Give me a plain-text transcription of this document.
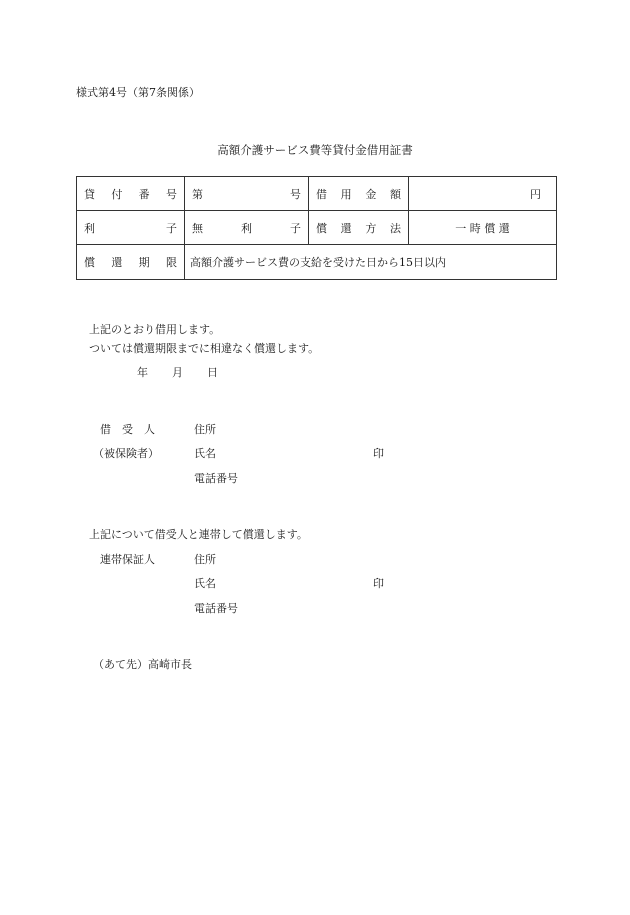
様式第4号（第7条関係）
高額介護サービス費等貸付金借用証書
貸　付　番　号	第 号	借　用　金　額	円

利 子	無 利 子	償　還　方　法	一 時 償 還

償　還　期　限	高額介護サービス費の支給を受けた日から15日以内		
上記のとおり借用します。
ついては償還期限までに相違なく償還します。
年 月 日
借　受　人	住所
（被保険者）	氏名	印
電話番号
上記について借受人と連帯して償還します。
連帯保証人	住所
氏名	印
電話番号
（あて先）高崎市長
